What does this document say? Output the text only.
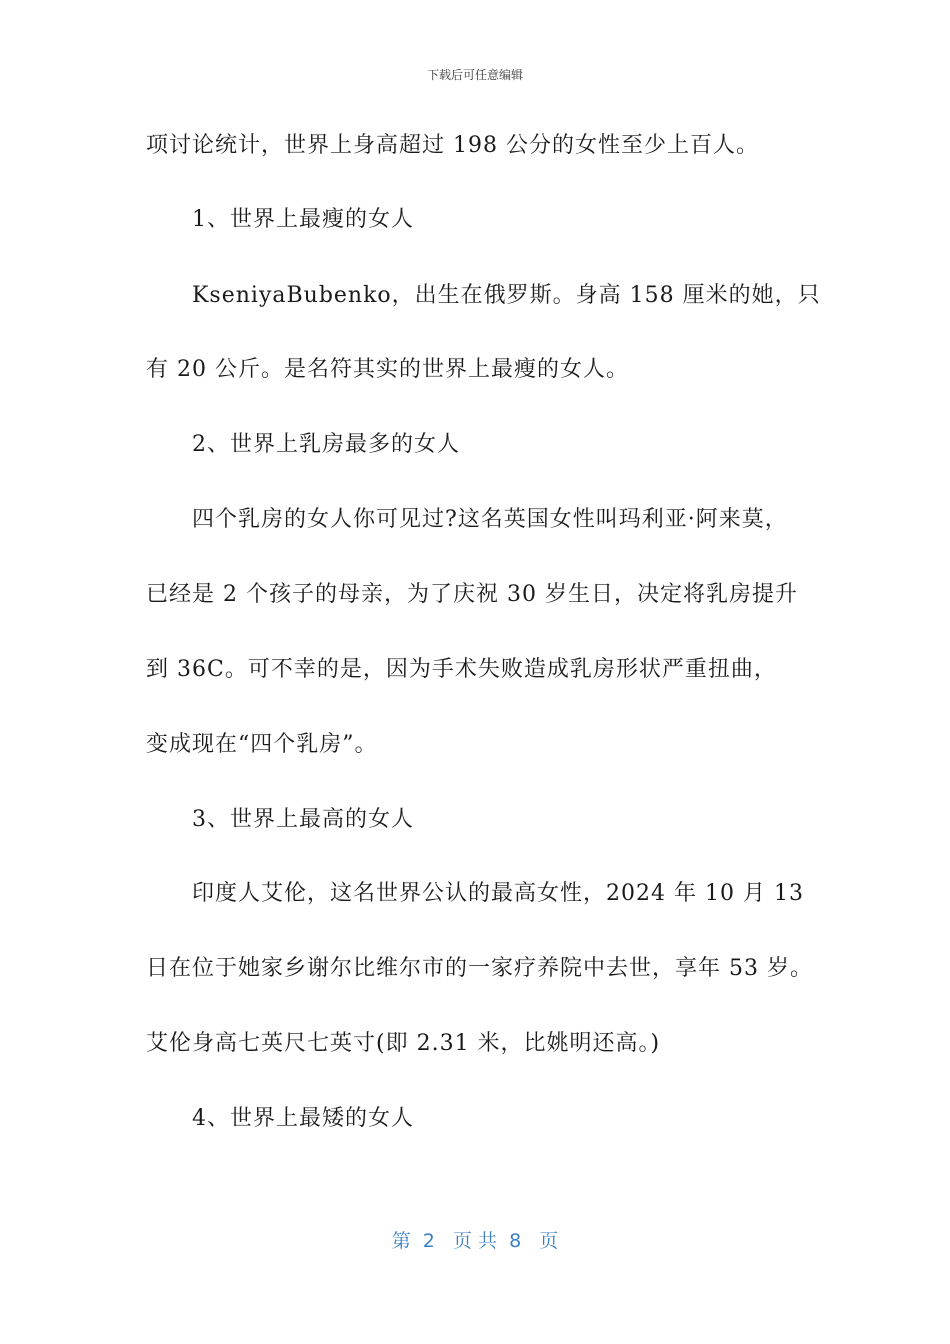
下载后可任意编辑
项讨论统计，世界上身高超过 198 公分的女性至少上百人。
1、世界上最瘦的女人
KseniyaBubenko，出生在俄罗斯。身高 158 厘米的她，只
有 20 公斤。是名符其实的世界上最瘦的女人。
2、世界上乳房最多的女人
四个乳房的女人你可见过?这名英国女性叫玛利亚·阿来莫，
已经是 2 个孩子的母亲，为了庆祝 30 岁生日，决定将乳房提升
到 36C。可不幸的是，因为手术失败造成乳房形状严重扭曲，
变成现在“四个乳房”。
3、世界上最高的女人
印度人艾伦，这名世界公认的最高女性，2024 年 10 月 13
日在位于她家乡谢尔比维尔市的一家疗养院中去世，享年 53 岁。
艾伦身高七英尺七英寸(即 2.31 米，比姚明还高。)
4、世界上最矮的女人
第  2   页 共  8   页
